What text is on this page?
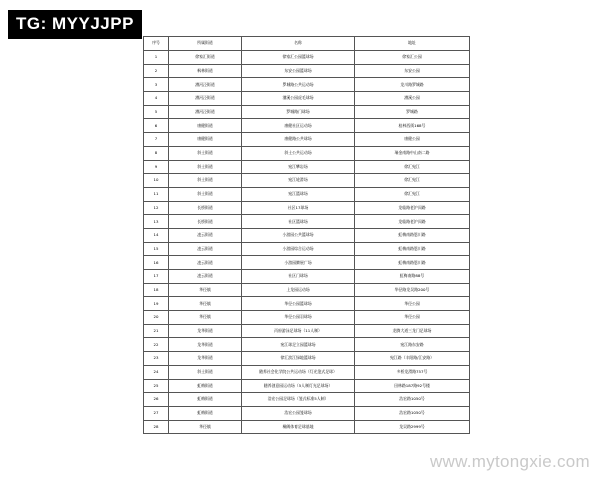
TG: MYYJJPP
www.mytongxie.com
序号	所属街道	名称	地址
1	徐家汇街道	徐家汇公园篮球场	徐家汇公园
2	枫林街道	东安公园篮球场	东安公园
3	漕河泾街道	罗城路公共运动场	龙川路罗城路
4	漕河泾街道	漕溪公园虎毛球场	漕溪公园
5	漕河泾街道	罗城路门球场	罗城路
6	康健街道	康健社区运动场	桂林西街168号
7	康健街道	康健路公共球场	康健公园
8	斜土街道	斜土公共运动场	瑞金南路中山南二路
9	斜土街道	宛江攀岩场	徐汇宛江
10	斜土街道	宛江轮滑场	徐汇宛江
11	斜土街道	宛江篮球场	徐汇宛江
12	长桥街道	社区17球场	龙临路老沪闵路
13	长桥街道	社区篮球场	龙临路老沪闵路
14	凌云街道	小游园公共篮球场	虹梅南路恩川路
15	凌云街道	小游园综合运动场	虹梅南路恩川路
16	凌云街道	小游园腾展广场	虹梅南路恩川路
17	凌云街道	社区门球场	虹梅南路88号
18	华径镇	上龙园运动场	华径路龙吴路200号
19	华径镇	华径公园篮球场	华径公园
20	华径镇	华径公园羽球场	华径公园
21	龙华街道	丙府游泳足球场（11人制）	龙腾大道三龙门足球场
22	龙华街道	宛江球足立园篮球场	宛江路东安路
23	龙华街道	徐汇滨江绿地篮球场	宛江路（丰阳路/江安路）
24	斜土街道	随养社会化学院公共运动场（灯光笼式足球）	多桥龙滑路757号
25	虹梅街道	随养创意园运动场（5人制灯光足球场）	田林路187路92号楼
26	虹梅街道	浩宏公园足球场（笼式标准5人制）	浩宏路1050号
27	虹梅街道	浩宏公园笼球场	浩宏路1050号
28	华径镇	桐阙体育足球基地	龙吴路2999号
